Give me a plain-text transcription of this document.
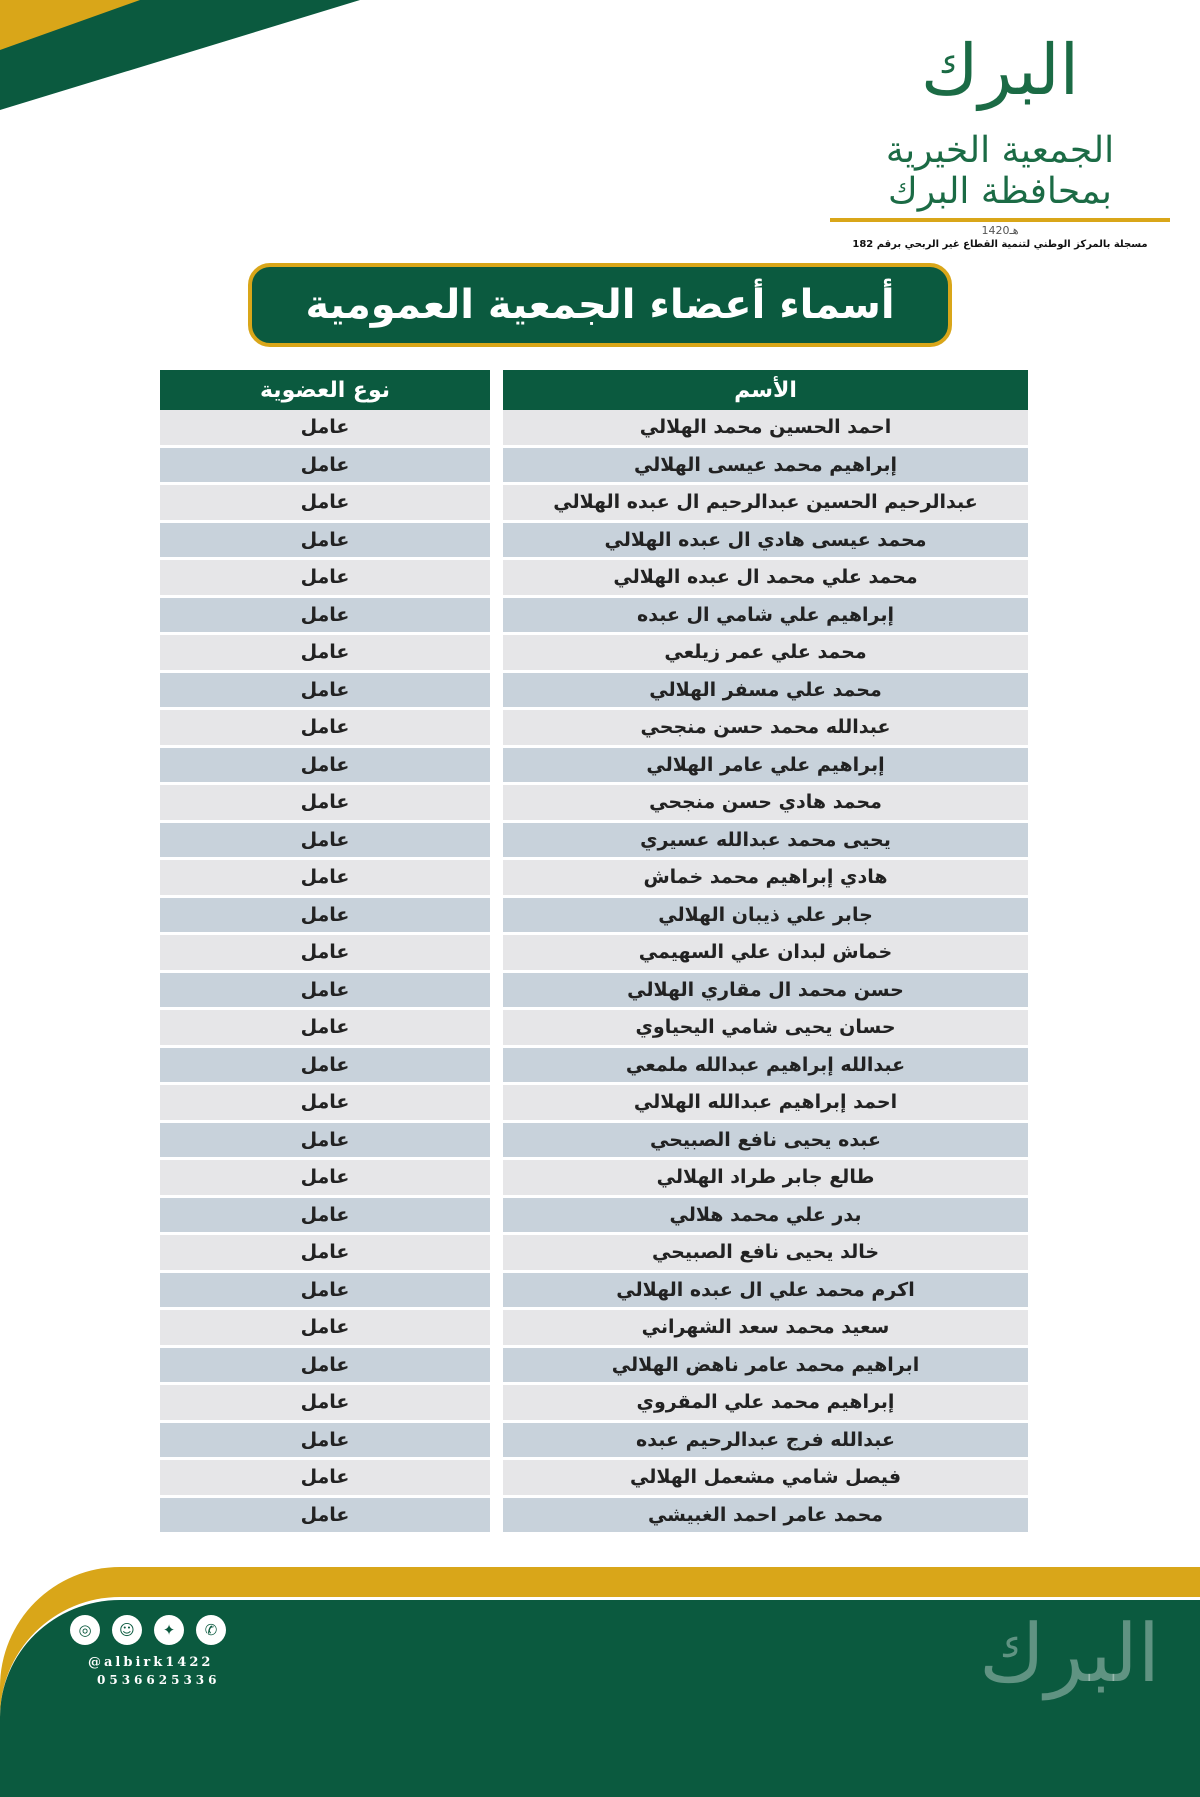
البرك
الجمعية الخيرية بمحافظة البرك
1420هـ
مسجلة بالمركز الوطني لتنمية القطاع غير الربحي برقم 182
أسماء أعضاء الجمعية العمومية
الأسم		نوع العضوية
احمد الحسين محمد الهلالي		عامل
إبراهيم محمد عيسى الهلالي		عامل
عبدالرحيم الحسين عبدالرحيم ال عبده الهلالي		عامل
محمد عيسى هادي ال عبده الهلالي		عامل
محمد علي محمد ال عبده الهلالي		عامل
إبراهيم علي شامي ال عبده		عامل
محمد علي عمر زيلعي		عامل
محمد علي مسفر الهلالي		عامل
عبدالله محمد حسن منجحي		عامل
إبراهيم علي عامر الهلالي		عامل
محمد هادي حسن منجحي		عامل
يحيى محمد عبدالله عسيري		عامل
هادي إبراهيم محمد خماش		عامل
جابر علي ذيبان الهلالي		عامل
خماش لبدان علي السهيمي		عامل
حسن محمد ال مقاري الهلالي		عامل
حسان يحيى شامي اليحياوي		عامل
عبدالله إبراهيم عبدالله ملمعي		عامل
احمد إبراهيم عبدالله الهلالي		عامل
عبده يحيى نافع الصبيحي		عامل
طالع جابر طراد الهلالي		عامل
بدر علي محمد هلالي		عامل
خالد يحيى نافع الصبيحي		عامل
اكرم محمد علي ال عبده الهلالي		عامل
سعيد محمد سعد الشهراني		عامل
ابراهيم محمد عامر ناهض الهلالي		عامل
إبراهيم محمد علي المقروي		عامل
عبدالله فرج عبدالرحيم عبده		عامل
فيصل شامي مشعمل الهلالي		عامل
محمد عامر احمد الغبيشي		عامل
◎	☺	✦	✆
@albirk1422
0536625336	البرك
